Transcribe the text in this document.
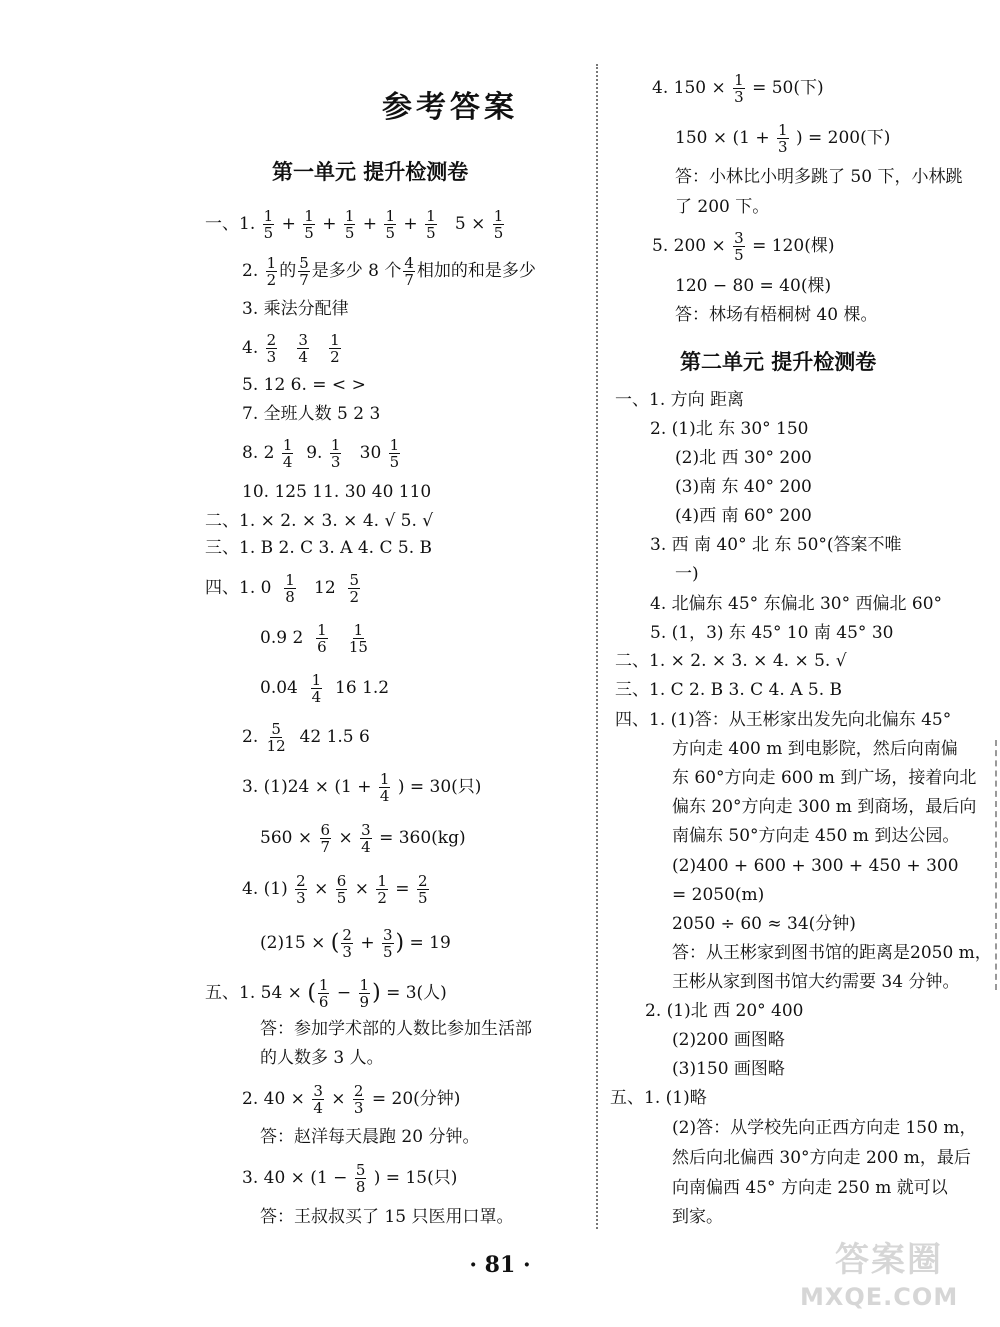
参考答案
第一单元 提升检测卷
一、1. $\frac{1}{5} + \frac{1}{5} + \frac{1}{5} + \frac{1}{5} + \frac{1}{5} 5 \times \frac{1}{5}$
2. $\frac{1}{2}$ 的 $\frac{5}{7}$ 是多少 8 个 $\frac{4}{7}$ 相加的和是多少
3. 乘法分配律
4. $\frac{2}{3}$
$\frac{3}{4}$
$\frac{1}{2}$
5. 12 6. = < >
7. 全班人数 5 2 3
8. $2 \frac{1}{4} 9$. $\frac{1}{3} 30 \frac{1}{5}$
10. 125 11. 30 40 110
二、1. × 2. × 3. × 4. √ 5. √
三、1. B 2. C 3. A 4. C 5. B
四、1. $0 \frac{1}{8} 12 \frac{5}{2}$
0.9 $2 \frac{1}{6}$
$\frac{1}{15}$
$0.04 \frac{1}{4} 16$ 1.2
2. $\frac{5}{12} 42$ 1.5 6
3. $(1)24 \times (1 + \frac{1}{4}$ ) = 30(只)
$560 \times \frac{6}{7} \times \frac{3}{4} = 360(kg)$
4. $(1) \frac{2}{3} \times \frac{6}{5} \times \frac{1}{2} = \frac{2}{5}$
(2)15 × ( $\frac{2}{3} + \frac{3}{5}$ ) = 19
五、1. 54 × ( $\frac{1}{6} - \frac{1}{9}$ ) = 3(人)
答：参加学术部的人数比参加生活部
的人数多 3 人。
2. $40 \times \frac{3}{4} \times \frac{2}{3} = 20$(分钟)
答：赵洋每天晨跑 20 分钟。
3. $40 \times (1 - \frac{5}{8}$ ) = 15(只)
答：王叔叔买了 15 只医用口罩。
4. $150 \times \frac{1}{3} = 50$(下)
$150 \times (1 + \frac{1}{3}$ ) = 200(下)
答：小林比小明多跳了 50 下，小林跳
了 200 下。
5. $200 \times \frac{3}{5} = 120$(棵)
120 − 80 = 40(棵)
答：林场有梧桐树 40 棵。
第二单元 提升检测卷
一、1. 方向 距离
2. (1)北 东 30° 150
(2)北 西 30° 200
(3)南 东 40° 200
(4)西 南 60° 200
3. 西 南 40° 北 东 50°(答案不唯
一)
4. 北偏东 45° 东偏北 30° 西偏北 60°
5. (1，3) 东 45° 10 南 45° 30
二、1. × 2. × 3. × 4. × 5. √
三、1. C 2. B 3. C 4. A 5. B
四、1. (1)答：从王彬家出发先向北偏东 45°
方向走 400 m 到电影院，然后向南偏
东 60°方向走 600 m 到广场，接着向北
偏东 20°方向走 300 m 到商场，最后向
南偏东 50°方向走 450 m 到达公园。
(2)400 + 600 + 300 + 450 + 300
= 2050(m)
2050 ÷ 60 ≈ 34(分钟)
答：从王彬家到图书馆的距离是2050 m，
王彬从家到图书馆大约需要 34 分钟。
2. (1)北 西 20° 400
(2)200 画图略
(3)150 画图略
五、1. (1)略
(2)答：从学校先向正西方向走 150 m，
然后向北偏西 30°方向走 200 m，最后
向南偏西 45° 方向走 250 m 就可以
到家。
· 81 ·	答案圈
MXQE.COM
